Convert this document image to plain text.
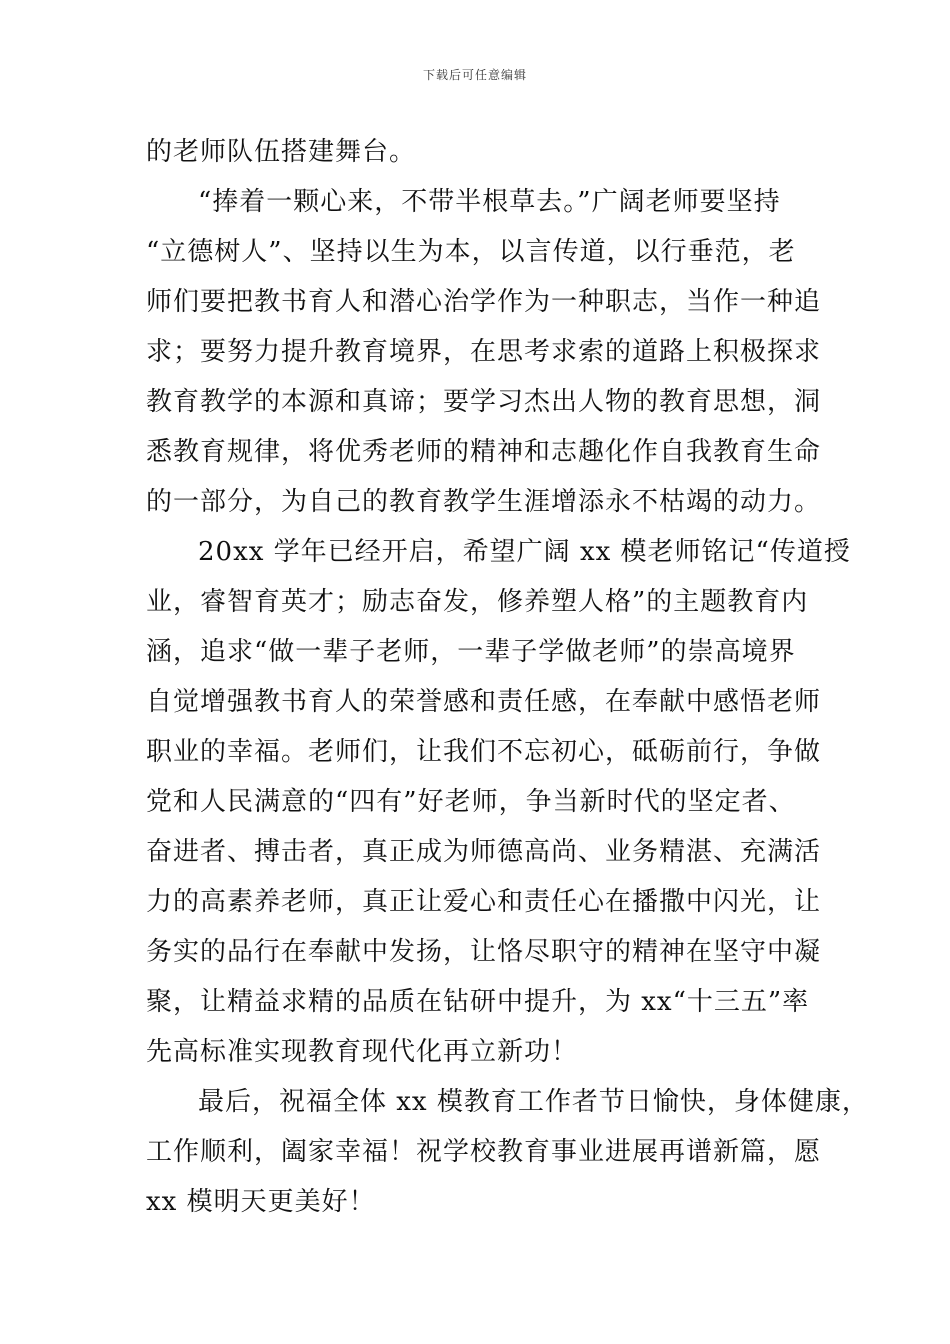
下载后可任意编辑
的老师队伍搭建舞台。
“捧着一颗心来，不带半根草去。”广阔老师要坚持
“立德树人”、坚持以生为本，以言传道，以行垂范，老
师们要把教书育人和潜心治学作为一种职志，当作一种追
求；要努力提升教育境界，在思考求索的道路上积极探求
教育教学的本源和真谛；要学习杰出人物的教育思想，洞
悉教育规律，将优秀老师的精神和志趣化作自我教育生命
的一部分，为自己的教育教学生涯增添永不枯竭的动力。
20xx 学年已经开启，希望广阔 xx 模老师铭记“传道授
业，睿智育英才；励志奋发，修养塑人格”的主题教育内
涵，追求“做一辈子老师，一辈子学做老师”的崇高境界
自觉增强教书育人的荣誉感和责任感，在奉献中感悟老师
职业的幸福。老师们，让我们不忘初心，砥砺前行，争做
党和人民满意的“四有”好老师，争当新时代的坚定者、
奋进者、搏击者，真正成为师德高尚、业务精湛、充满活
力的高素养老师，真正让爱心和责任心在播撒中闪光，让
务实的品行在奉献中发扬，让恪尽职守的精神在坚守中凝
聚，让精益求精的品质在钻研中提升，为 xx“十三五”率
先高标准实现教育现代化再立新功！
最后，祝福全体 xx 模教育工作者节日愉快，身体健康，
工作顺利，阖家幸福！祝学校教育事业进展再谱新篇，愿
xx 模明天更美好！
